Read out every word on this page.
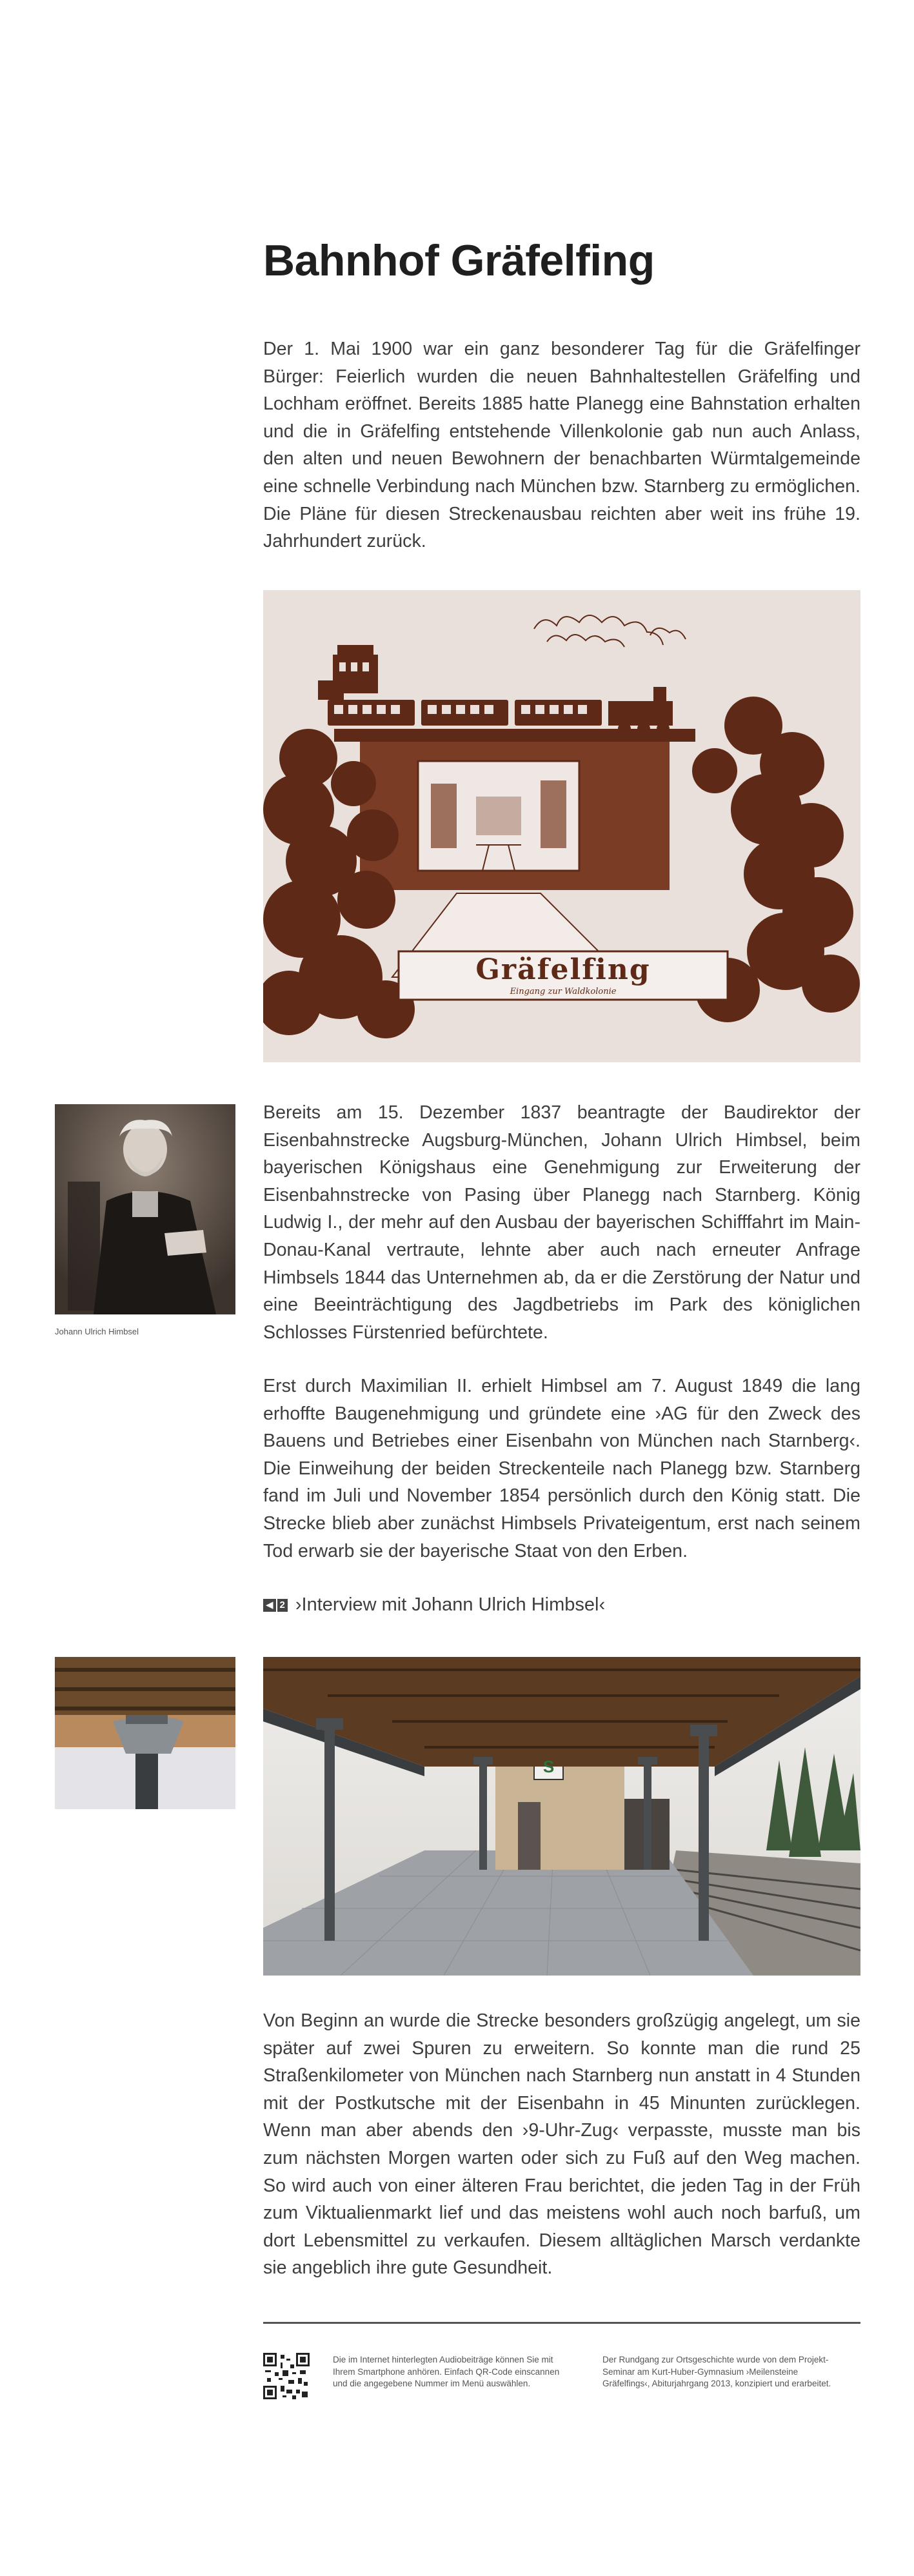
Bahnhof Gräfelfing

Der 1. Mai 1900 war ein ganz besonderer Tag für die Gräfelfinger Bürger: Feierlich wurden die neuen Bahnhaltestellen Gräfelfing und Lochham eröffnet. Bereits 1885 hatte Planegg eine Bahnstation erhalten und die in Gräfelfing entstehende Villenkolonie gab nun auch Anlass, den alten und neuen Bewohnern der benachbarten Würmtalgemeinde eine schnelle Verbindung nach München bzw. Starnberg zu ermöglichen. Die Pläne für diesen Streckenausbau reichten aber weit ins frühe 19. Jahrhundert zurück.

Gräfelfing
Eingang zur Waldkolonie
Johann Ulrich Himbsel

Bereits am 15. Dezember 1837 beantragte der Baudirektor der Eisenbahnstrecke Augsburg-München, Johann Ulrich Himbsel, beim bayerischen Königshaus eine Genehmigung zur Erweiterung der Eisenbahnstrecke von Pasing über Planegg nach Starnberg. König Ludwig I., der mehr auf den Ausbau der bayerischen Schifffahrt im Main-Donau-Kanal vertraute, lehnte aber auch nach erneuter Anfrage Himbsels 1844 das Unternehmen ab, da er die Zerstörung der Natur und eine Beeinträchtigung des Jagdbetriebs im Park des königlichen Schlosses Fürstenried befürchtete.

Erst durch Maximilian II. erhielt Himbsel am 7. August 1849 die lang erhoffte Baugenehmigung und gründete eine ›AG für den Zweck des Bauens und Betriebes einer Eisenbahn von München nach Starnberg‹. Die Einweihung der beiden Streckenteile nach Planegg bzw. Starnberg fand im Juli und November 1854 persönlich durch den König statt. Die Strecke blieb aber zunächst Himbsels Privateigentum, erst nach seinem Tod erwarb sie der bayerische Staat von den Erben.

◀ 2 ›Interview mit Johann Ulrich Himbsel‹
S

Von Beginn an wurde die Strecke besonders großzügig angelegt, um sie später auf zwei Spuren zu erweitern. So konnte man die rund 25 Straßenkilometer von München nach Starnberg nun anstatt in 4 Stunden mit der Postkutsche mit der Eisenbahn in 45 Minunten zurücklegen. Wenn man aber abends den ›9-Uhr-Zug‹ verpasste, musste man bis zum nächsten Morgen warten oder sich zu Fuß auf den Weg machen. So wird auch von einer älteren Frau berichtet, die jeden Tag in der Früh zum Viktualienmarkt lief und das meistens wohl auch noch barfuß, um dort Lebensmittel zu verkaufen. Diesem alltäglichen Marsch verdankte sie angeblich ihre gute Gesundheit.

Die im Internet hinterlegten Audiobeiträge können Sie mit Ihrem Smartphone anhören. Einfach QR-Code einscannen und die angegebene Nummer im Menü auswählen.

Der Rundgang zur Ortsgeschichte wurde von dem Projekt-Seminar am Kurt-Huber-Gymnasium ›Meilensteine Gräfelfings‹, Abiturjahrgang 2013, konzipiert und erarbeitet.
